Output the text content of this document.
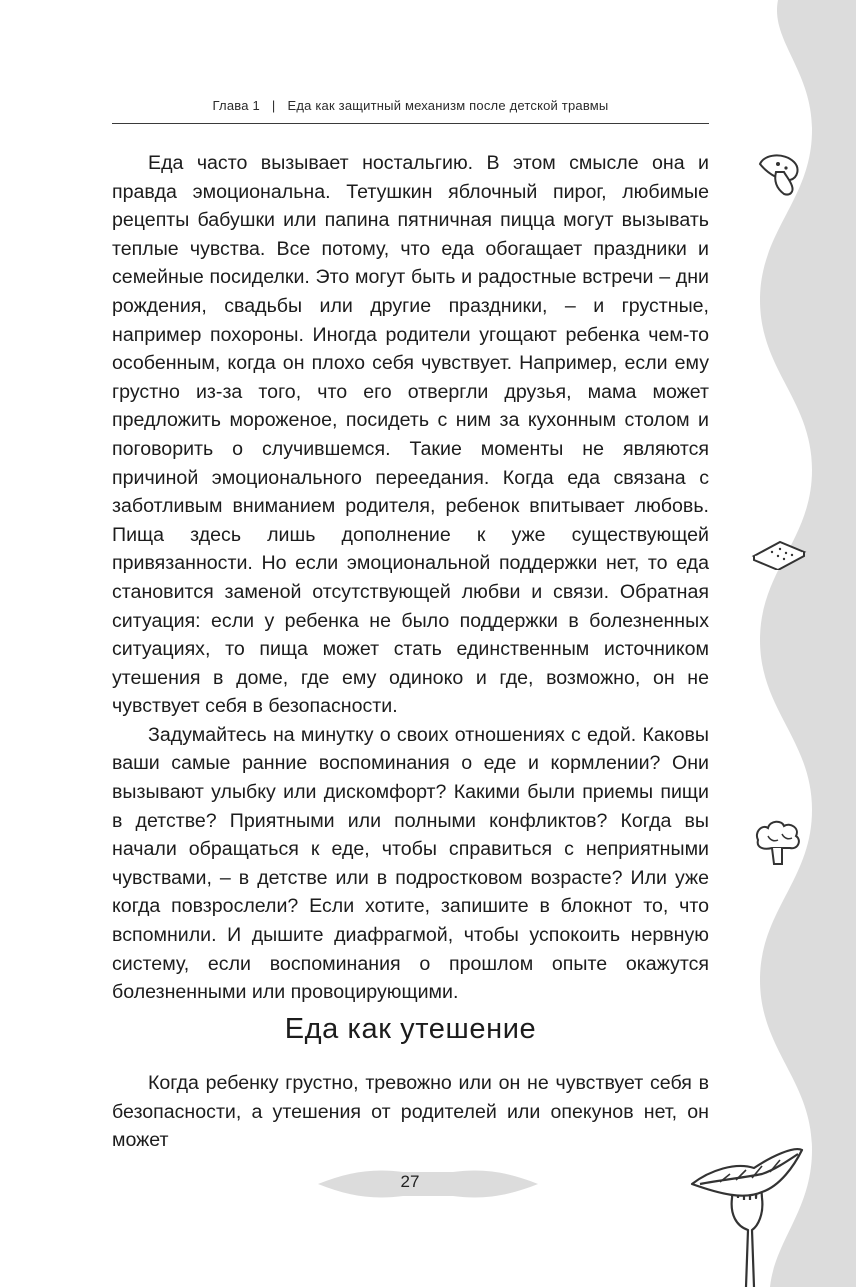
Глава 1 | Еда как защитный механизм после детской травмы

Еда часто вызывает ностальгию. В этом смысле она и правда эмоциональна. Тетушкин яблочный пирог, любимые рецепты бабушки или папина пятничная пицца могут вызывать теплые чувства. Все потому, что еда обогащает праздники и семейные посиделки. Это могут быть и радостные встречи – дни рождения, свадьбы или другие праздники, – и грустные, например похороны. Иногда родители угощают ребенка чем-то особенным, когда он плохо себя чувствует. Например, если ему грустно из-за того, что его отвергли друзья, мама может предложить мороженое, посидеть с ним за кухонным столом и поговорить о случившемся. Такие моменты не являются причиной эмоционального переедания. Когда еда связана с заботливым вниманием родителя, ребенок впитывает любовь. Пища здесь лишь дополнение к уже существующей привязанности. Но если эмоциональной поддержки нет, то еда становится заменой отсутствующей любви и связи. Обратная ситуация: если у ребенка не было поддержки в болезненных ситуациях, то пища может стать единственным источником утешения в доме, где ему одиноко и где, возможно, он не чувствует себя в безопасности.

Задумайтесь на минутку о своих отношениях с едой. Каковы ваши самые ранние воспоминания о еде и кормлении? Они вызывают улыбку или дискомфорт? Какими были приемы пищи в детстве? Приятными или полными конфликтов? Когда вы начали обращаться к еде, чтобы справиться с неприятными чувствами, – в детстве или в подростковом возрасте? Или уже когда повзрослели? Если хотите, запишите в блокнот то, что вспомнили. И дышите диафрагмой, чтобы успокоить нервную систему, если воспоминания о прошлом опыте окажутся болезненными или провоцирующими.

Еда как утешение

Когда ребенку грустно, тревожно или он не чувствует себя в безопасности, а утешения от родителей или опекунов нет, он может

27
